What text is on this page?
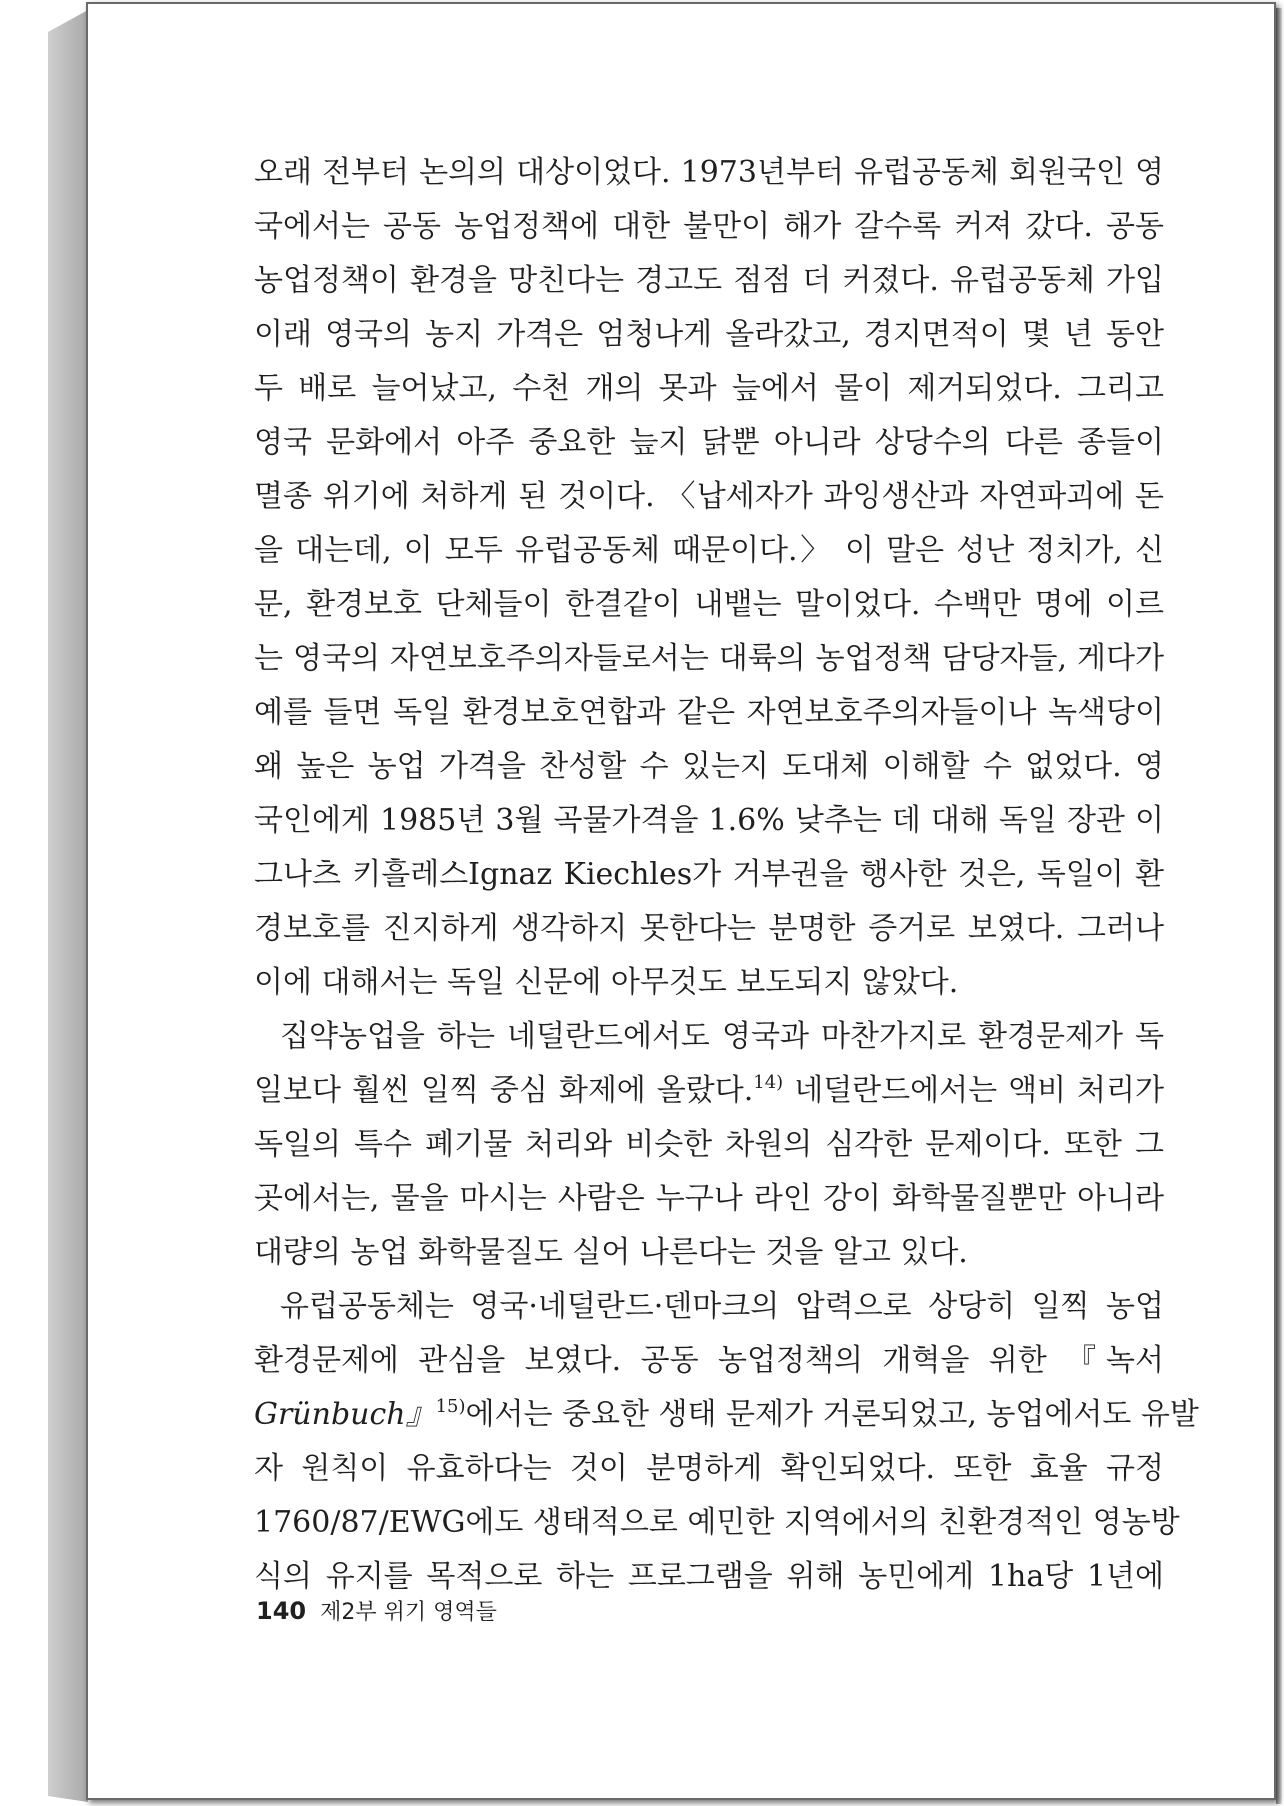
오래 전부터 논의의 대상이었다. 1973년부터 유럽공동체 회원국인 영
국에서는 공동 농업정책에 대한 불만이 해가 갈수록 커져 갔다. 공동
농업정책이 환경을 망친다는 경고도 점점 더 커졌다. 유럽공동체 가입
이래 영국의 농지 가격은 엄청나게 올라갔고, 경지면적이 몇 년 동안
두 배로 늘어났고, 수천 개의 못과 늪에서 물이 제거되었다. 그리고
영국 문화에서 아주 중요한 늪지 닭뿐 아니라 상당수의 다른 종들이
멸종 위기에 처하게 된 것이다. 〈납세자가 과잉생산과 자연파괴에 돈
을 대는데, 이 모두 유럽공동체 때문이다.〉 이 말은 성난 정치가, 신
문, 환경보호 단체들이 한결같이 내뱉는 말이었다. 수백만 명에 이르
는 영국의 자연보호주의자들로서는 대륙의 농업정책 담당자들, 게다가
예를 들면 독일 환경보호연합과 같은 자연보호주의자들이나 녹색당이
왜 높은 농업 가격을 찬성할 수 있는지 도대체 이해할 수 없었다. 영
국인에게 1985년 3월 곡물가격을 1.6% 낮추는 데 대해 독일 장관 이
그나츠 키흘레스Ignaz Kiechles가 거부권을 행사한 것은, 독일이 환
경보호를 진지하게 생각하지 못한다는 분명한 증거로 보였다. 그러나
이에 대해서는 독일 신문에 아무것도 보도되지 않았다.
집약농업을 하는 네덜란드에서도 영국과 마찬가지로 환경문제가 독
일보다 훨씬 일찍 중심 화제에 올랐다.$^{14)}$ 네덜란드에서는 액비 처리가
독일의 특수 폐기물 처리와 비슷한 차원의 심각한 문제이다. 또한 그
곳에서는, 물을 마시는 사람은 누구나 라인 강이 화학물질뿐만 아니라
대량의 농업 화학물질도 실어 나른다는 것을 알고 있다.
유럽공동체는 영국·네덜란드·덴마크의 압력으로 상당히 일찍 농업
환경문제에 관심을 보였다. 공동 농업정책의 개혁을 위한 『녹서
Grünbuch』$^{15)}$에서는 중요한 생태 문제가 거론되었고, 농업에서도 유발
자 원칙이 유효하다는 것이 분명하게 확인되었다. 또한 효율 규정
1760/87/EWG에도 생태적으로 예민한 지역에서의 친환경적인 영농방
식의 유지를 목적으로 하는 프로그램을 위해 농민에게 1ha당 1년에
140 제2부 위기 영역들
